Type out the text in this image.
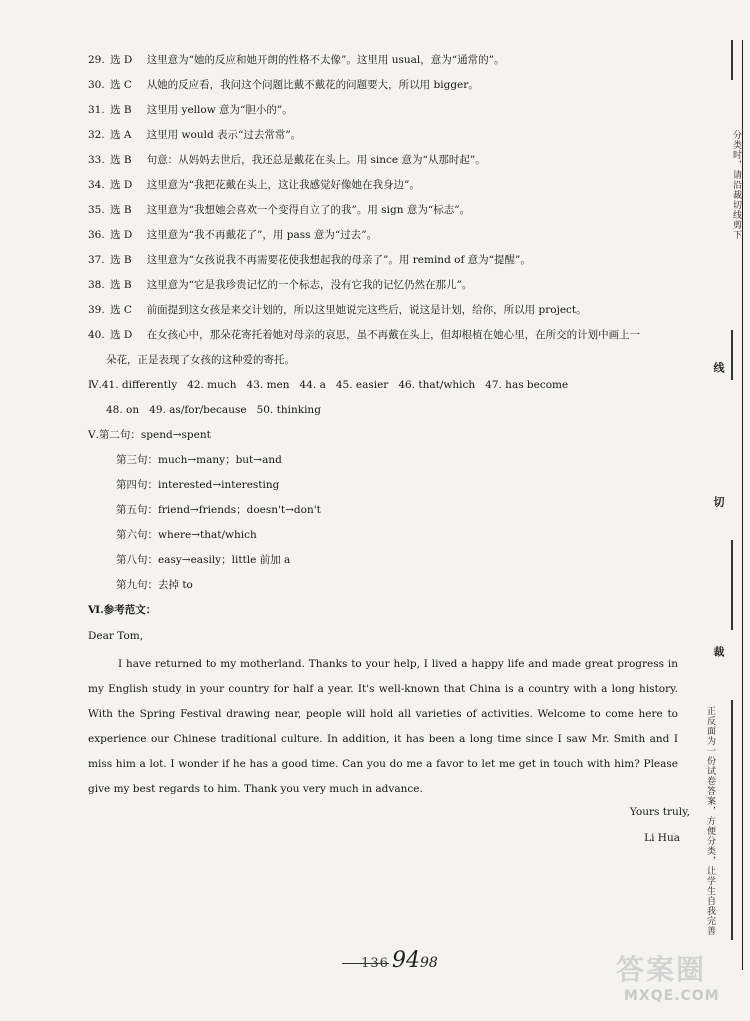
29. 选 D 这里意为“她的反应和她开朗的性格不太像”。这里用 usual，意为“通常的”。
30. 选 C 从她的反应看，我问这个问题比戴不戴花的问题要大，所以用 bigger。
31. 选 B 这里用 yellow 意为“胆小的”。
32. 选 A 这里用 would 表示“过去常常”。
33. 选 B 句意：从妈妈去世后，我还总是戴花在头上。用 since 意为“从那时起”。
34. 选 D 这里意为“我把花戴在头上，这让我感觉好像她在我身边”。
35. 选 B 这里意为“我想她会喜欢一个变得自立了的我”。用 sign 意为“标志”。
36. 选 D 这里意为“我不再戴花了”，用 pass 意为“过去”。
37. 选 B 这里意为“女孩说我不再需要花使我想起我的母亲了”。用 remind of 意为“提醒”。
38. 选 B 这里意为“它是我珍贵记忆的一个标志，没有它我的记忆仍然在那儿”。
39. 选 C 前面提到这女孩是来交计划的，所以这里她说完这些后，说这是计划，给你，所以用 project。
40. 选 D 在女孩心中，那朵花寄托着她对母亲的哀思，虽不再戴在头上，但却根植在她心里，在所交的计划中画上一
朵花，正是表现了女孩的这种爱的寄托。
Ⅳ.41. differently   42. much   43. men   44. a   45. easier   46. that/which   47. has become
48. on   49. as/for/because   50. thinking
Ⅴ.第二句：spend→spent
第三句：much→many；but→and
第四句：interested→interesting
第五句：friend→friends；doesn't→don't
第六句：where→that/which
第八句：easy→easily；little 前加 a
第九句：去掉 to
Ⅵ.参考范文：
Dear Tom,
I have returned to my motherland. Thanks to your help, I lived a happy life and made great progress in my English study in your country for half a year. It's well-known that China is a country with a long history. With the Spring Festival drawing near, people will hold all varieties of activities. Welcome to come here to experience our Chinese traditional culture. In addition, it has been a long time since I saw Mr. Smith and I miss him a lot. I wonder if he has a good time. Can you do me a favor to let me get in touch with him? Please give my best regards to him. Thank you very much in advance.
Yours truly,
Li Hua
分类时，请沿裁切线剪下
线
切
裁
正反面为一份试卷答案，方便分类，让学生自我完善
— 136 9498	答案圈
MXQE.COM
